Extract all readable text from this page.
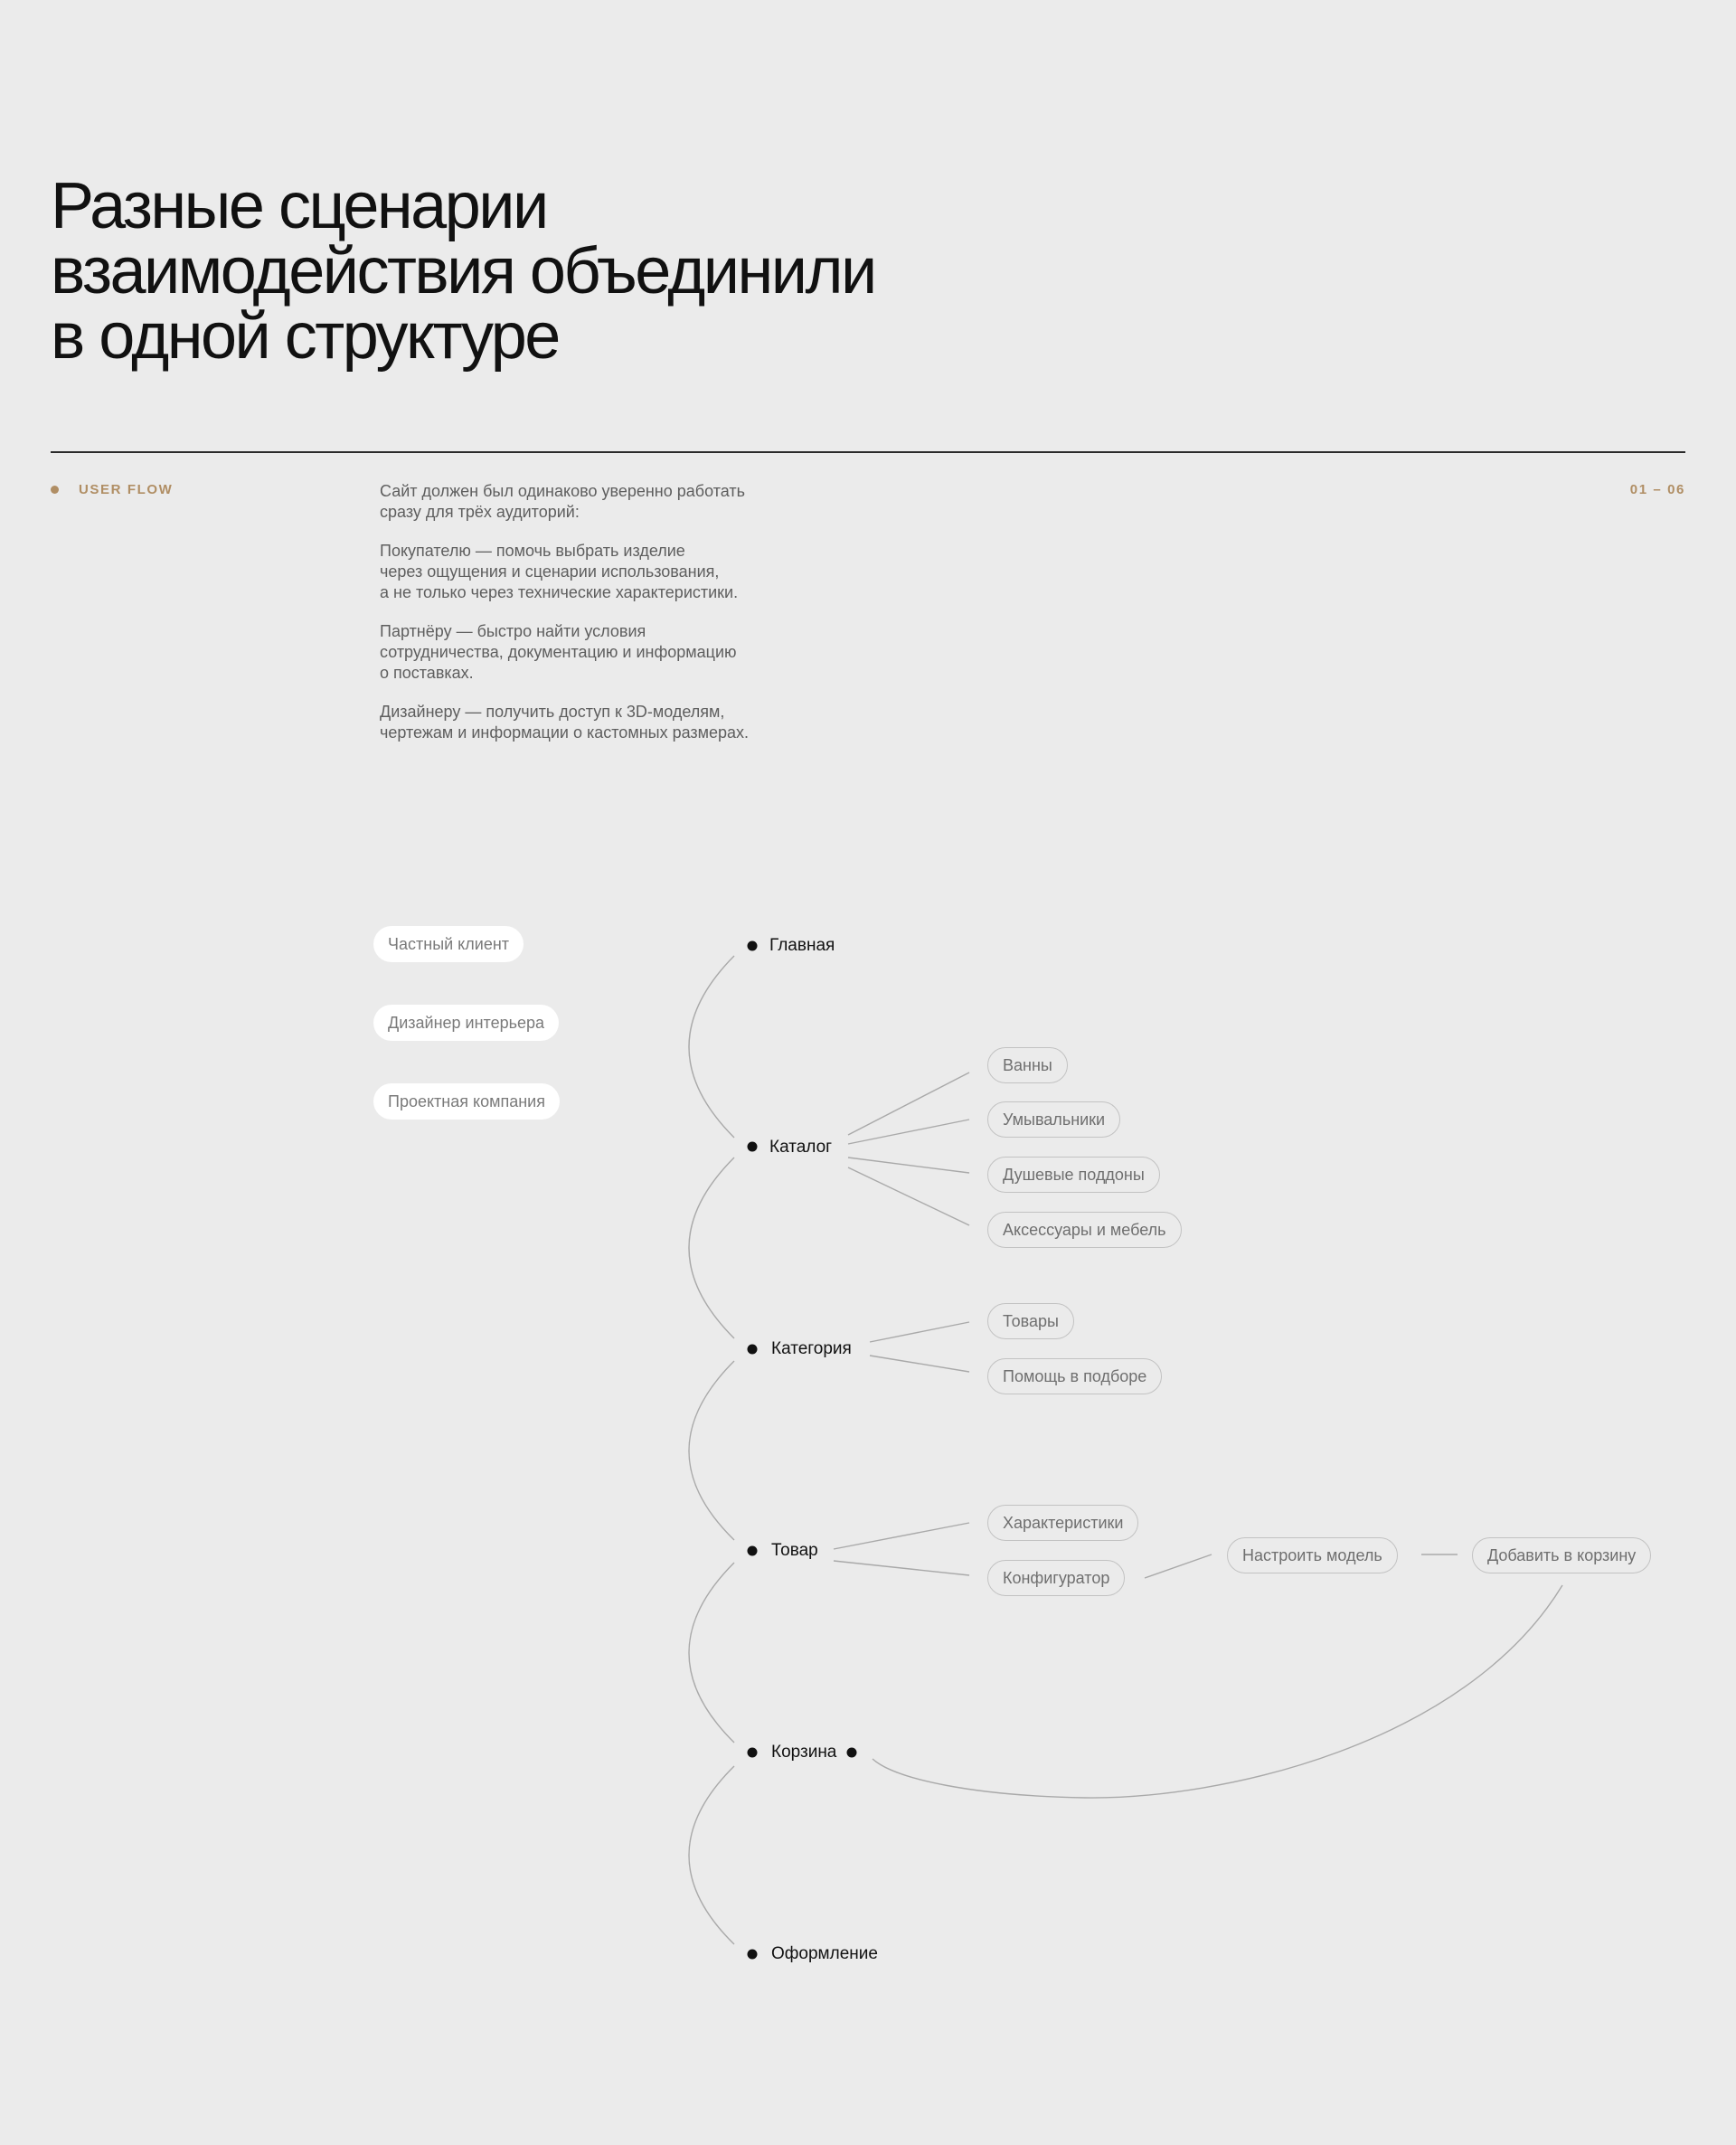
Разные сценарии
взаимодействия объединили
в одной структуре
USER FLOW	01 – 06

Сайт должен был одинаково уверенно работать
сразу для трёх аудиторий:

Покупателю — помочь выбрать изделие
через ощущения и сценарии использования,
а не только через технические характеристики.

Партнёру — быстро найти условия
сотрудничества, документацию и информацию
о поставках.

Дизайнеру — получить доступ к 3D-моделям,
чертежам и информации о кастомных размерах.

Частный клиент
Дизайнер интерьера
Проектная компания
Главная
Каталог
Категория
Товар
Корзина
Оформление
Ванны
Умывальники
Душевые поддоны
Аксессуары и мебель
Товары
Помощь в подборе
Характеристики
Конфигуратор
Настроить модель	Добавить в корзину
